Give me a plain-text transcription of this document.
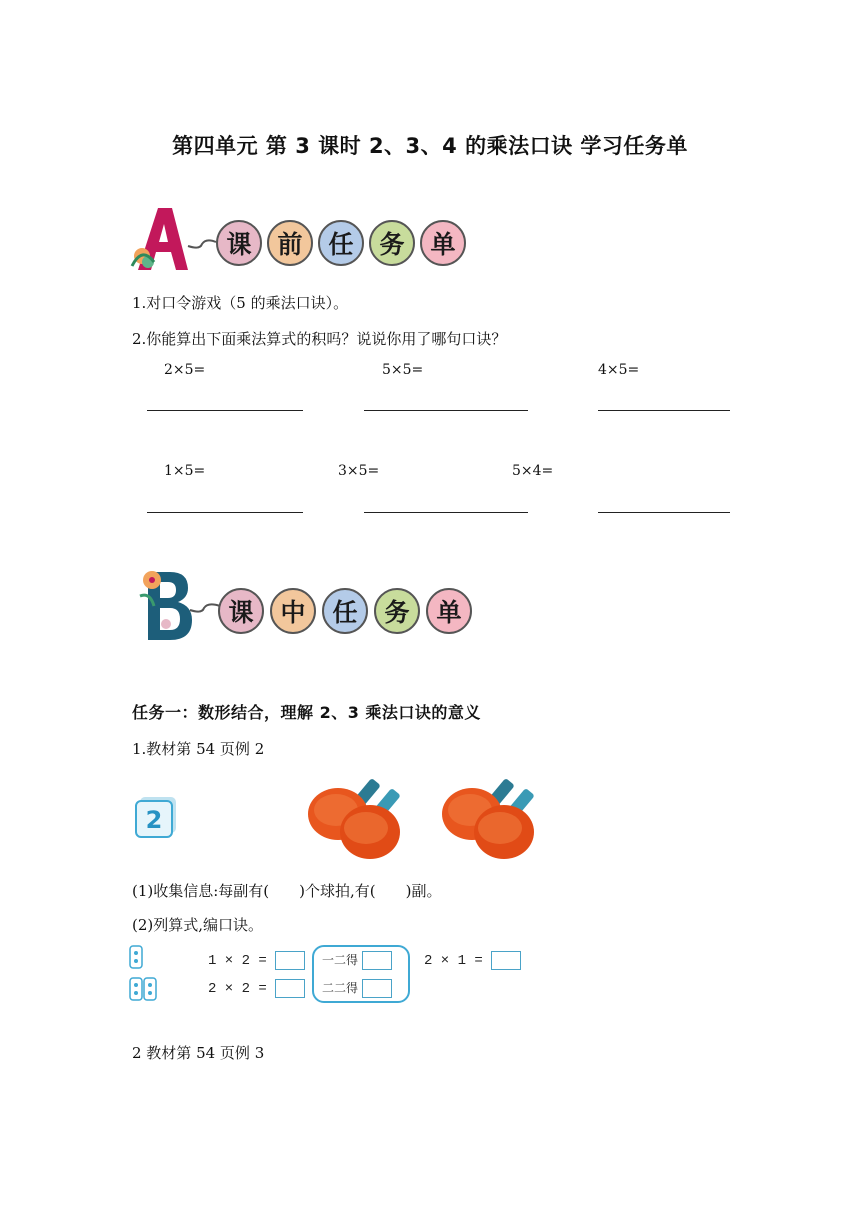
第四单元 第 3 课时 2、3、4 的乘法口诀 学习任务单
课 前 任 务 单
1.对口令游戏（5 的乘法口诀）。
2.你能算出下面乘法算式的积吗？说说你用了哪句口诀？
2×5=	5×5=	4×5=
1×5=	3×5=	5×4=
课 中 任 务 单
任务一：数形结合，理解 2、3 乘法口诀的意义
1.教材第 54 页例 2
2
(1)收集信息:每副有(　　)个球拍,有(　　)副。
(2)列算式,编口诀。
1 × 2 =
2 × 2 =
一二得
二二得
2 × 1 =
2 教材第 54 页例 3
